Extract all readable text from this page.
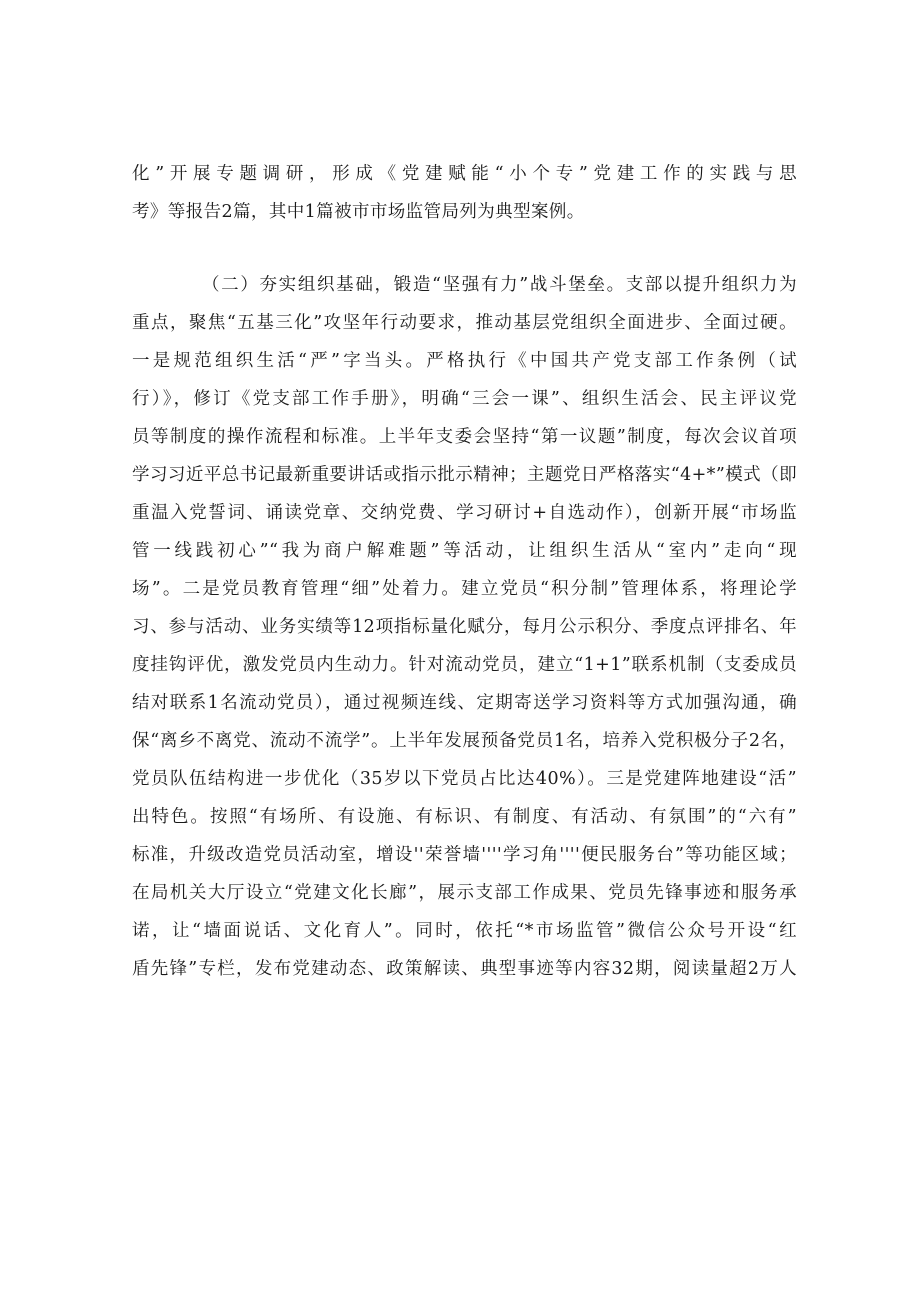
化”开展专题调研，形成《党建赋能“小个专”党建工作的实践与思
考》等报告2篇，其中1篇被市市场监管局列为典型案例。
（二）夯实组织基础，锻造“坚强有力”战斗堡垒。支部以提升组织力为
重点，聚焦“五基三化”攻坚年行动要求，推动基层党组织全面进步、全面过硬。
一是规范组织生活“严”字当头。严格执行《中国共产党支部工作条例（试
行）》，修订《党支部工作手册》，明确“三会一课”、组织生活会、民主评议党
员等制度的操作流程和标准。上半年支委会坚持“第一议题”制度，每次会议首项
学习习近平总书记最新重要讲话或指示批示精神；主题党日严格落实“4+*”模式（即
重温入党誓词、诵读党章、交纳党费、学习研讨+自选动作），创新开展“市场监
管一线践初心”“我为商户解难题”等活动，让组织生活从“室内”走向“现
场”。二是党员教育管理“细”处着力。建立党员“积分制”管理体系，将理论学
习、参与活动、业务实绩等12项指标量化赋分，每月公示积分、季度点评排名、年
度挂钩评优，激发党员内生动力。针对流动党员，建立“1+1”联系机制（支委成员
结对联系1名流动党员），通过视频连线、定期寄送学习资料等方式加强沟通，确
保“离乡不离党、流动不流学”。上半年发展预备党员1名，培养入党积极分子2名，
党员队伍结构进一步优化（35岁以下党员占比达40%）。三是党建阵地建设“活”
出特色。按照“有场所、有设施、有标识、有制度、有活动、有氛围”的“六有”
标准，升级改造党员活动室，增设''荣誉墙''''学习角''''便民服务台”等功能区域；
在局机关大厅设立“党建文化长廊”，展示支部工作成果、党员先锋事迹和服务承
诺，让“墙面说话、文化育人”。同时，依托“*市场监管”微信公众号开设“红
盾先锋”专栏，发布党建动态、政策解读、典型事迹等内容32期，阅读量超2万人
